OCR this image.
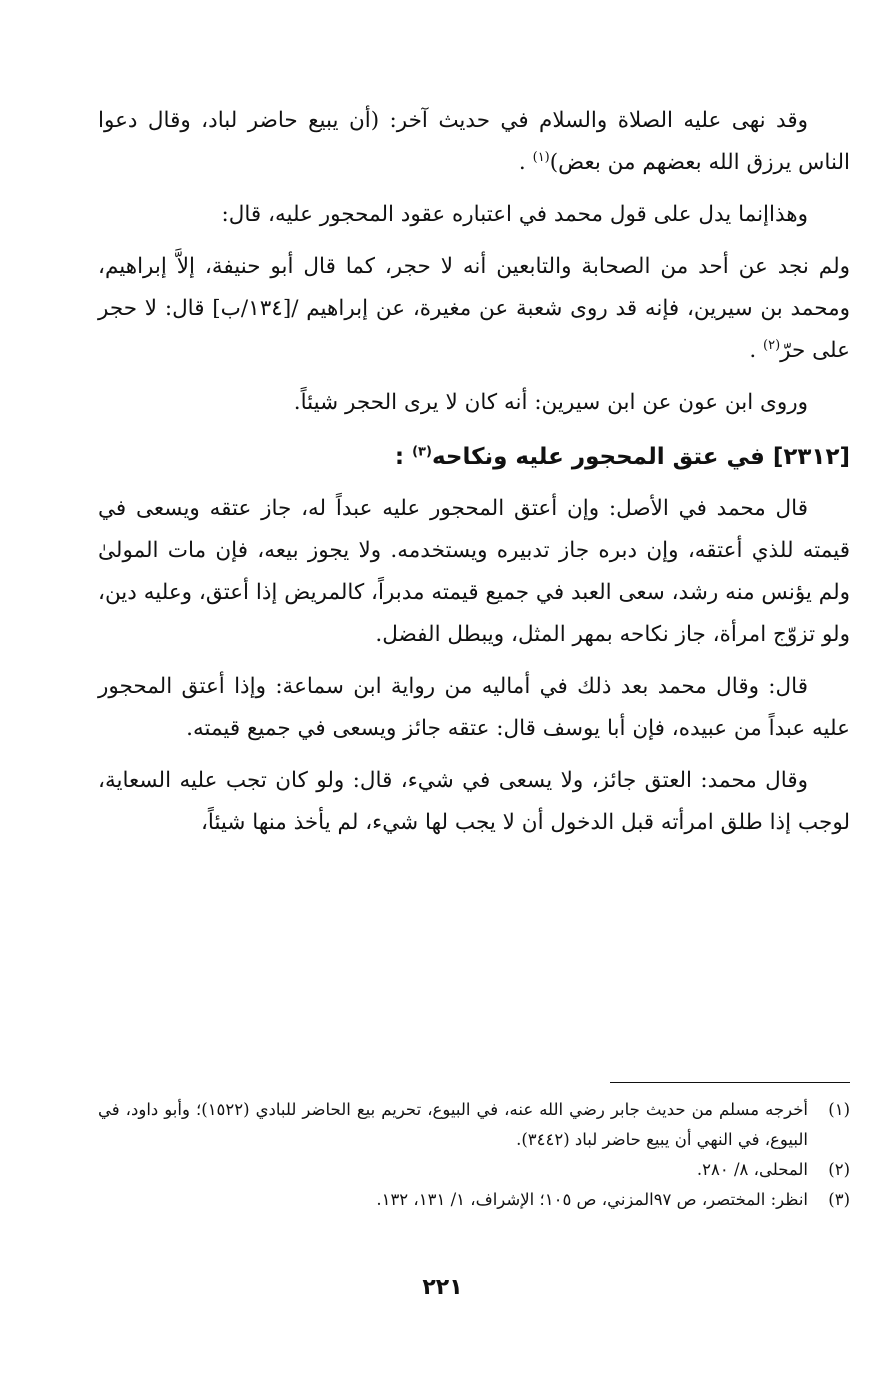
وقد نهى عليه الصلاة والسلام في حديث آخر: (أن يبيع حاضر لباد، وقال دعوا الناس يرزق الله بعضهم من بعض)$^{(١)}$ .

وهذاإنما يدل على قول محمد في اعتباره عقود المحجور عليه، قال:

ولم نجد عن أحد من الصحابة والتابعين أنه لا حجر، كما قال أبو حنيفة، إلاَّ إبراهيم، ومحمد بن سيرين، فإنه قد روى شعبة عن مغيرة، عن إبراهيم /[١٣٤/ب] قال: لا حجر على حرّ$^{(٢)}$ .

وروى ابن عون عن ابن سيرين: أنه كان لا يرى الحجر شيئاً.

[٢٣١٢] في عتق المحجور عليه ونكاحه$^{(٣)}$ :

قال محمد في الأصل: وإن أعتق المحجور عليه عبداً له، جاز عتقه ويسعى في قيمته للذي أعتقه، وإن دبره جاز تدبيره ويستخدمه. ولا يجوز بيعه، فإن مات المولىٰ ولم يؤنس منه رشد، سعى العبد في جميع قيمته مدبراً، كالمريض إذا أعتق، وعليه دين، ولو تزوّج امرأة، جاز نكاحه بمهر المثل، ويبطل الفضل.

قال: وقال محمد بعد ذلك في أماليه من رواية ابن سماعة: وإذا أعتق المحجور عليه عبداً من عبيده، فإن أبا يوسف قال: عتقه جائز ويسعى في جميع قيمته.

وقال محمد: العتق جائز، ولا يسعى في شيء، قال: ولو كان تجب عليه السعاية، لوجب إذا طلق امرأته قبل الدخول أن لا يجب لها شيء، لم يأخذ منها شيئاً،

(١)
أخرجه مسلم من حديث جابر رضي الله عنه، في البيوع، تحريم بيع الحاضر للبادي (١٥٢٢)؛ وأبو داود، في البيوع، في النهي أن يبيع حاضر لباد (٣٤٤٢).

(٢)
المحلى، ٨/ ٢٨٠.

(٣)
انظر: المختصر، ص ٩٧المزني، ص ١٠٥؛ الإشراف، ١/ ١٣١، ١٣٢.

٢٢١
